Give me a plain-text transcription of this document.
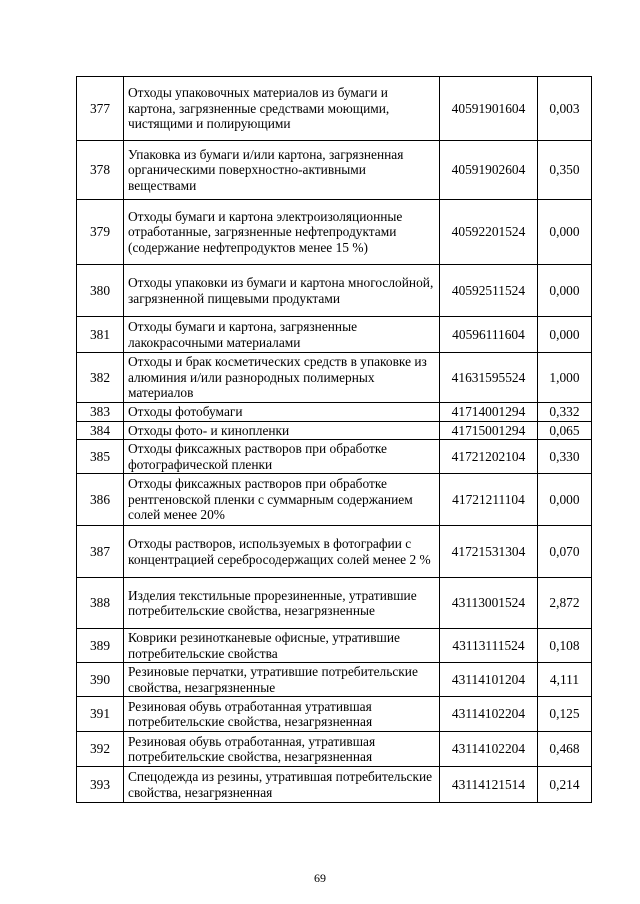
377	Отходы упаковочных материалов из бумаги и картона, загрязненные средствами моющими, чистящими и полирующими	40591901604	0,003
378	Упаковка из бумаги и/или картона, загрязненная органическими поверхностно-активными веществами	40591902604	0,350
379	Отходы бумаги и картона электроизоляционные отработанные, загрязненные нефтепродуктами (содержание нефтепродуктов менее 15 %)	40592201524	0,000
380	Отходы упаковки из бумаги и картона многослойной, загрязненной пищевыми продуктами	40592511524	0,000
381	Отходы бумаги и картона, загрязненные лакокрасочными материалами	40596111604	0,000
382	Отходы и брак косметических средств в упаковке из алюминия и/или разнородных полимерных материалов	41631595524	1,000
383	Отходы фотобумаги	41714001294	0,332
384	Отходы фото- и кинопленки	41715001294	0,065
385	Отходы фиксажных растворов при обработке фотографической пленки	41721202104	0,330
386	Отходы фиксажных растворов при обработке рентгеновской пленки с суммарным содержанием солей менее 20%	41721211104	0,000
387	Отходы растворов, используемых в фотографии с концентрацией серебросодержащих солей менее 2 %	41721531304	0,070
388	Изделия текстильные прорезиненные, утратившие потребительские свойства, незагрязненные	43113001524	2,872
389	Коврики резинотканевые офисные, утратившие потребительские свойства	43113111524	0,108
390	Резиновые перчатки, утратившие потребительские свойства, незагрязненные	43114101204	4,111
391	Резиновая обувь отработанная утратившая потребительские свойства, незагрязненная	43114102204	0,125
392	Резиновая обувь отработанная, утратившая потребительские свойства, незагрязненная	43114102204	0,468
393	Спецодежда из резины, утратившая потребительские свойства, незагрязненная	43114121514	0,214
69
